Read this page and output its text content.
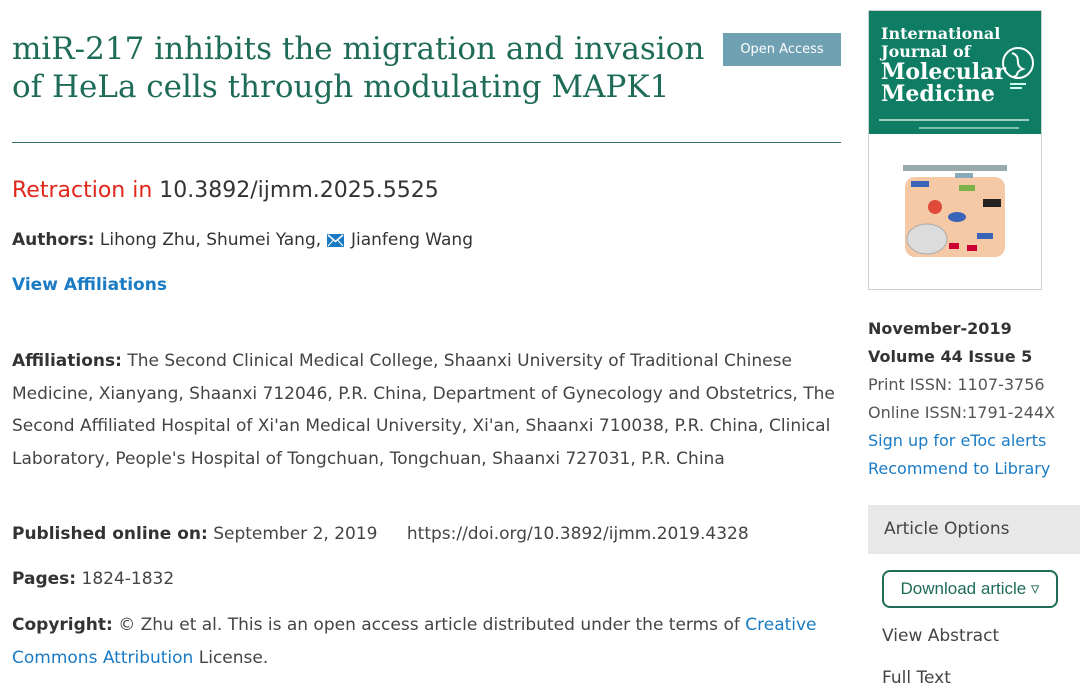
miR-217 inhibits the migration and invasion of HeLa cells through modulating MAPK1
Open Access
Retraction in 10.3892/ijmm.2025.5525
Authors: Lihong Zhu, Shumei Yang, Jianfeng Wang
View Affiliations
Affiliations: The Second Clinical Medical College, Shaanxi University of Traditional Chinese Medicine, Xianyang, Shaanxi 712046, P.R. China, Department of Gynecology and Obstetrics, The Second Affiliated Hospital of Xi'an Medical University, Xi'an, Shaanxi 710038, P.R. China, Clinical Laboratory, People's Hospital of Tongchuan, Tongchuan, Shaanxi 727031, P.R. China
Published online on: September 2, 2019 https://doi.org/10.3892/ijmm.2019.4328
Pages: 1824-1832
Copyright: © Zhu et al. This is an open access article distributed under the terms of Creative Commons Attribution License.
International
Journal of
Molecular
Medicine
November-2019
Volume 44 Issue 5
Print ISSN: 1107-3756
Online ISSN:1791-244X
Sign up for eToc alerts
Recommend to Library
Article Options
Download article ▿
View Abstract
Full Text
